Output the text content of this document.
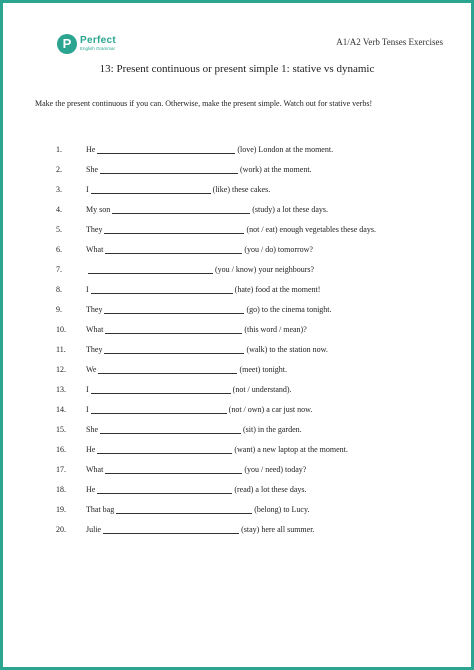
P Perfect
English Grammar
A1/A2 Verb Tenses Exercises
13: Present continuous or present simple 1: stative vs dynamic
Make the present continuous if you can. Otherwise, make the present simple. Watch out for stative verbs!
1.	He	(love) London at the moment.
2.	She	(work) at the moment.
3.	I	(like) these cakes.
4.	My son	(study) a lot these days.
5.	They	(not / eat) enough vegetables these days.
6.	What	(you / do) tomorrow?
7.	(you / know) your neighbours?
8.	I	(hate) food at the moment!
9.	They	(go) to the cinema tonight.
10.	What	(this word / mean)?
11.	They	(walk) to the station now.
12.	We	(meet) tonight.
13.	I	(not / understand).
14.	I	(not / own) a car just now.
15.	She	(sit) in the garden.
16.	He	(want) a new laptop at the moment.
17.	What	(you / need) today?
18.	He	(read) a lot these days.
19.	That bag	(belong) to Lucy.
20.	Julie	(stay) here all summer.
